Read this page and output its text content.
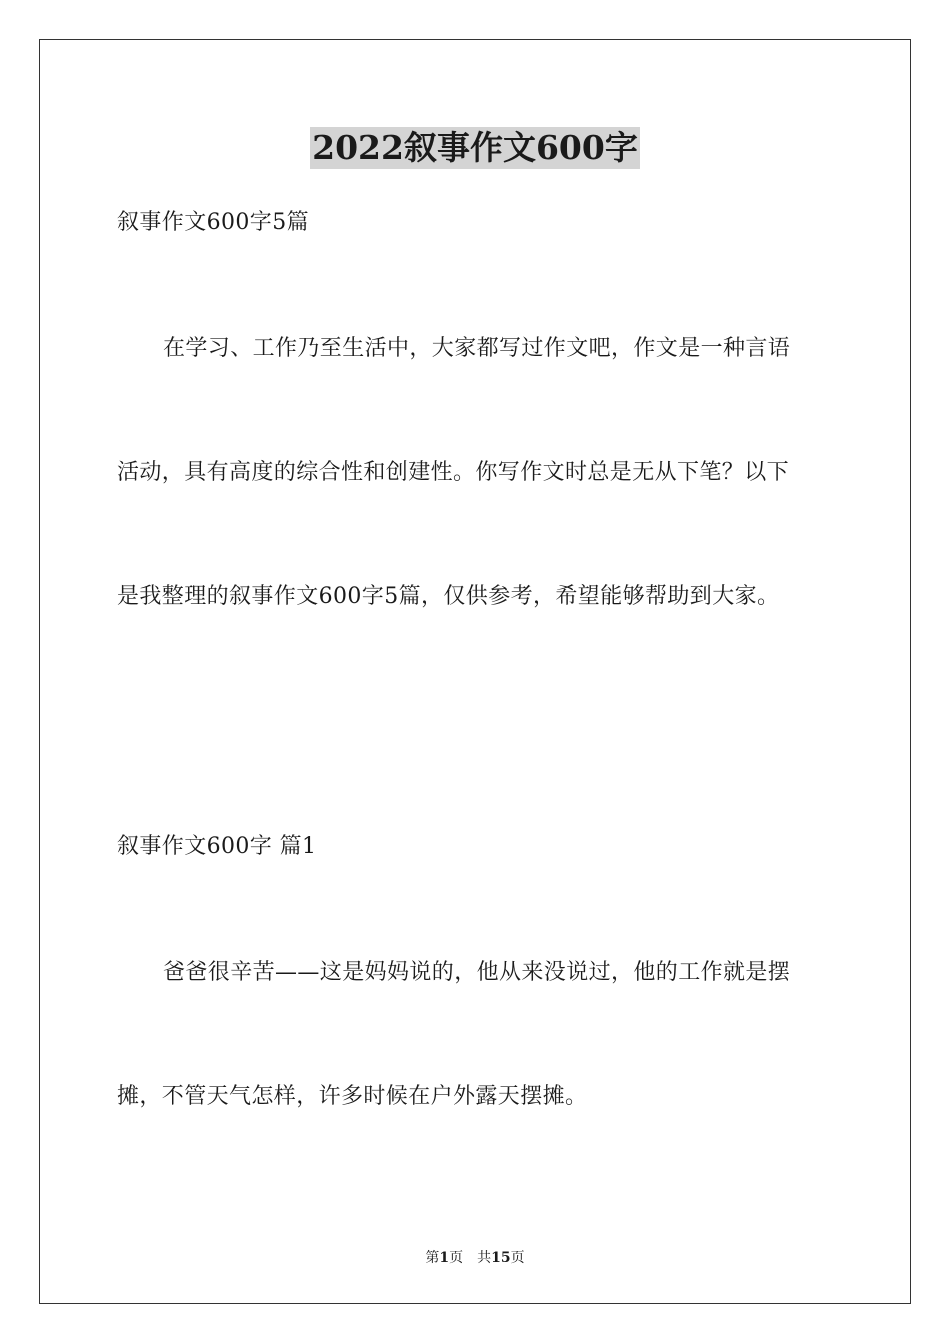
2022叙事作文600字
叙事作文600字5篇
在学习、工作乃至生活中，大家都写过作文吧，作文是一种言语
活动，具有高度的综合性和创建性。你写作文时总是无从下笔？以下
是我整理的叙事作文600字5篇，仅供参考，希望能够帮助到大家。
叙事作文600字 篇1
爸爸很辛苦——这是妈妈说的，他从来没说过，他的工作就是摆
摊，不管天气怎样，许多时候在户外露天摆摊。
第1页　共15页
